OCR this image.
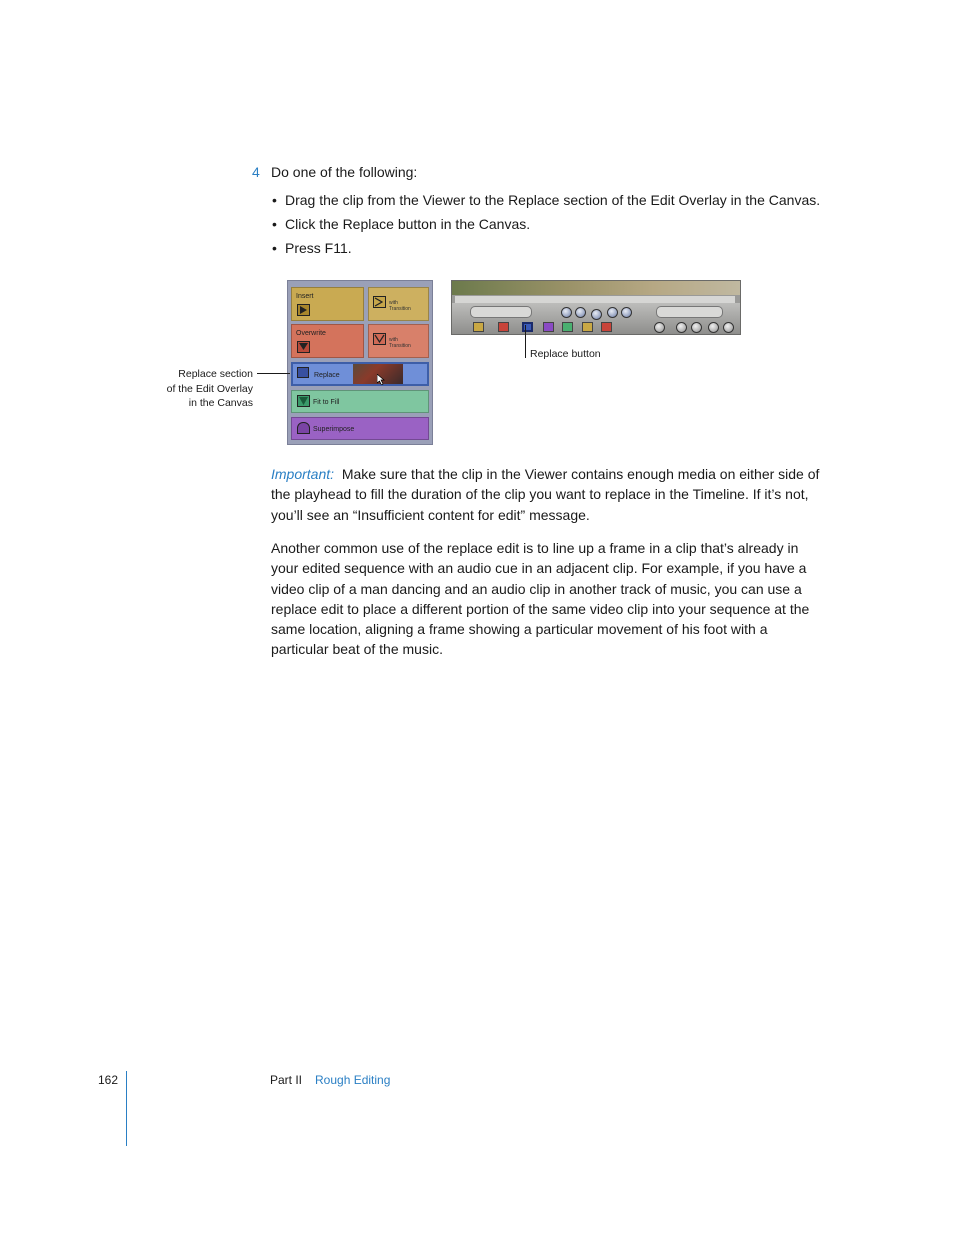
4 Do one of the following:
• Drag the clip from the Viewer to the Replace section of the Edit Overlay in the Canvas.
• Click the Replace button in the Canvas.
• Press F11.
Insert
with
Transition
Overwrite
with
Transition
Replace
Fit to Fill
Superimpose
Replace section
of the Edit Overlay
in the Canvas
Replace button

Important: Make sure that the clip in the Viewer contains enough media on either side of the playhead to fill the duration of the clip you want to replace in the Timeline. If it’s not, you’ll see an “Insufficient content for edit” message.

Another common use of the replace edit is to line up a frame in a clip that’s already in your edited sequence with an audio cue in an adjacent clip. For example, if you have a video clip of a man dancing and an audio clip in another track of music, you can use a replace edit to place a different portion of the same video clip into your sequence at the same location, aligning a frame showing a particular movement of his foot with a particular beat of the music.

162	Part II Rough Editing
